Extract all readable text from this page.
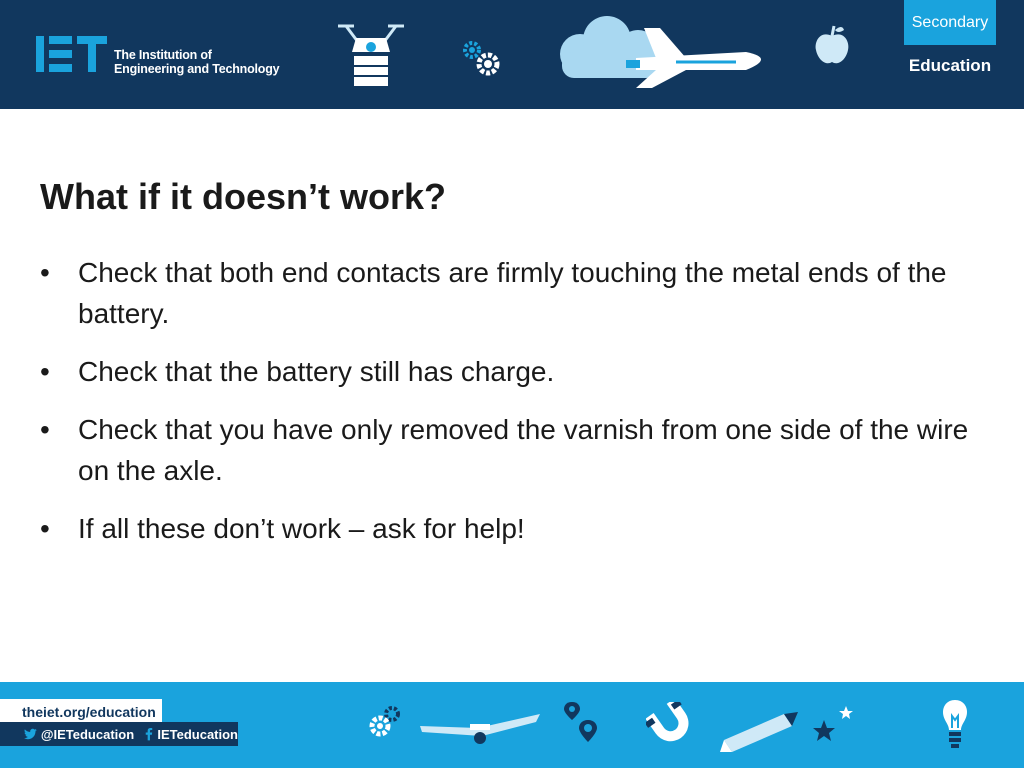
The Institution of
Engineering and Technology
Secondary
Education
What if it doesn’t work?
• Check that both end contacts are firmly touching the metal ends of the battery.
• Check that the battery still has charge.
• Check that you have only removed the varnish from one side of the wire on the axle.
• If all these don’t work – ask for help!
theiet.org/education
@IETeducation IETeducation
